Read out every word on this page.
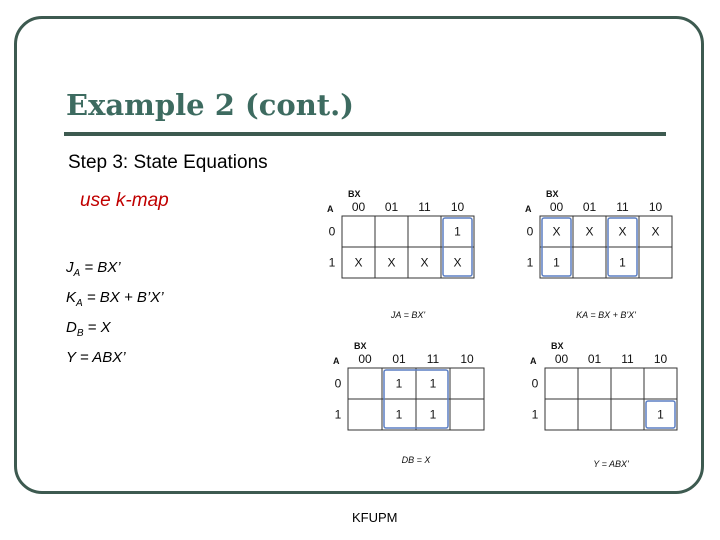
Example 2 (cont.)
Step 3: State Equations
use k-map
$J_A$ = BX’
$K_A$ = BX + B’X’
$D_B = X$
Y = ABX’
BX
A 00 01 11 10
0
1
1
X X X X
JA = BX'
BX
A 00 01 11 10
0
1
X X X X
1	1
KA = BX + B'X'
BX
A 00 01 11 10
0
1
1 1
1 1
DB = X
BX
A 00 01 11 10
0
1	1
Y = ABX'
KFUPM
